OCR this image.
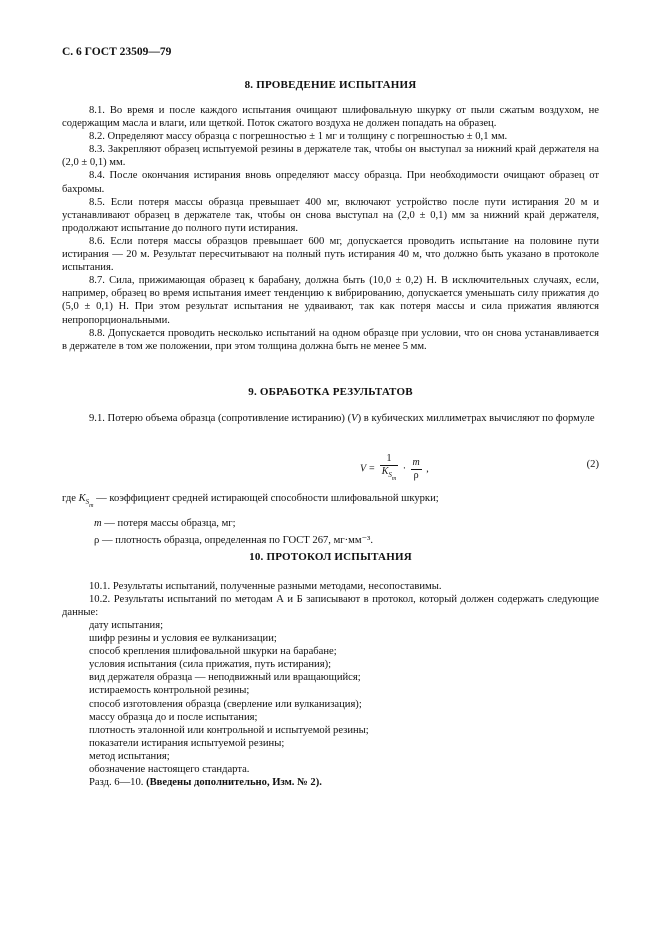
С. 6 ГОСТ 23509—79
8. ПРОВЕДЕНИЕ ИСПЫТАНИЯ

8.1. Во время и после каждого испытания очищают шлифовальную шкурку от пыли сжатым воздухом, не содержащим масла и влаги, или щеткой. Поток сжатого воздуха не должен попадать на образец.

8.2. Определяют массу образца с погрешностью ± 1 мг и толщину с погрешностью ± 0,1 мм.

8.3. Закрепляют образец испытуемой резины в держателе так, чтобы он выступал за нижний край держателя на (2,0 ± 0,1) мм.

8.4. После окончания истирания вновь определяют массу образца. При необходимости очищают образец от бахромы.

8.5. Если потеря массы образца превышает 400 мг, включают устройство после пути истирания 20 м и устанавливают образец в держателе так, чтобы он снова выступал на (2,0 ± 0,1) мм за нижний край держателя, продолжают испытание до полного пути истирания.

8.6. Если потеря массы образцов превышает 600 мг, допускается проводить испытание на половине пути истирания — 20 м. Результат пересчитывают на полный путь истирания 40 м, что должно быть указано в протоколе испытания.

8.7. Сила, прижимающая образец к барабану, должна быть (10,0 ± 0,2) Н. В исключительных случаях, если, например, образец во время испытания имеет тенденцию к вибрированию, допускается уменьшать силу прижатия до (5,0 ± 0,1) Н. При этом результат испытания не удваивают, так как потеря массы и сила прижатия являются непропорциональными.

8.8. Допускается проводить несколько испытаний на одном образце при условии, что он снова устанавливается в держателе в том же положении, при этом толщина должна быть не менее 5 мм.

9. ОБРАБОТКА РЕЗУЛЬТАТОВ

9.1. Потерю объема образца (сопротивление истиранию) (V) в кубических миллиметрах вычисляют по формуле

$V = \frac{1}{K_{Sm}} \cdot \frac{m}{\rho}$ ,	(2)
где $K_{Sm}$ — коэффициент средней истирающей способности шлифовальной шкурки;
m — потеря массы образца, мг;
ρ — плотность образца, определенная по ГОСТ 267, мг·мм⁻³.
10. ПРОТОКОЛ ИСПЫТАНИЯ

10.1. Результаты испытаний, полученные разными методами, несопоставимы.

10.2. Результаты испытаний по методам А и Б записывают в протокол, который должен содержать следующие данные:

дату испытания;
шифр резины и условия ее вулканизации;
способ крепления шлифовальной шкурки на барабане;
условия испытания (сила прижатия, путь истирания);
вид держателя образца — неподвижный или вращающийся;
истираемость контрольной резины;
способ изготовления образца (сверление или вулканизация);
массу образца до и после испытания;
плотность эталонной или контрольной и испытуемой резины;
показатели истирания испытуемой резины;
метод испытания;
обозначение настоящего стандарта.
Разд. 6—10. (Введены дополнительно, Изм. № 2).
